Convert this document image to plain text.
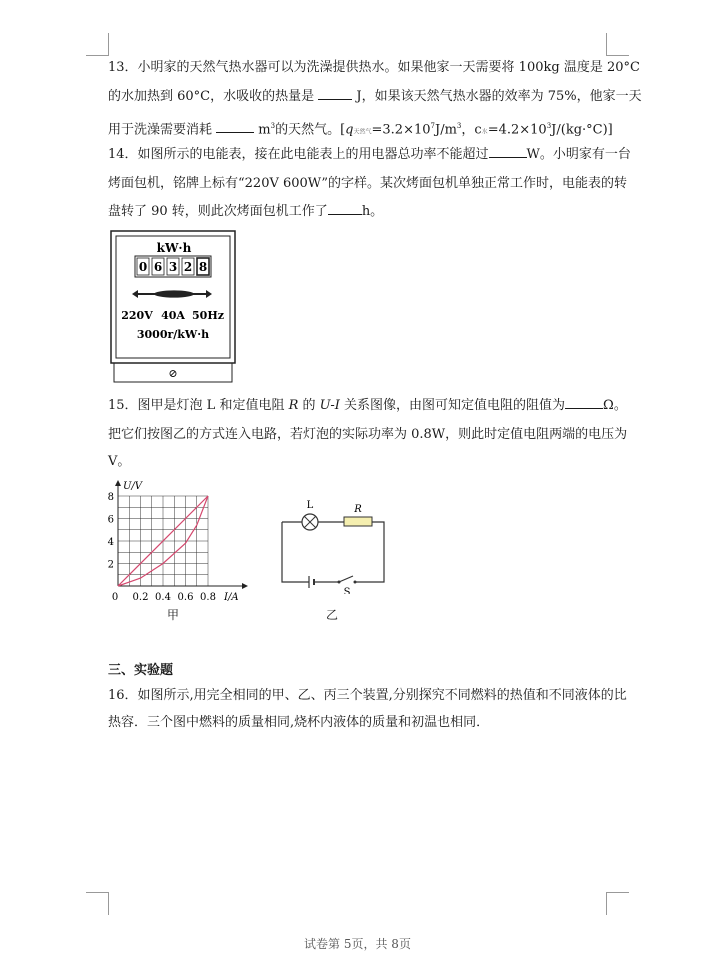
13．小明家的天然气热水器可以为洗澡提供热水。如果他家一天需要将 100kg 温度是 20°C
的水加热到 60°C，水吸收的热量是	J，如果该天然气热水器的效率为 75%，他家一天
用于洗澡需要消耗	$m^3$的天然气。[q天然气$=3.2\times 10^7J/m^3$，c水$=4.2\times 10^3J/(kg\cdot^\circ C)$]
14．如图所示的电能表，接在此电能表上的用电器总功率不能超过	W。小明家有一台
烤面包机，铭牌上标有“220V 600W”的字样。某次烤面包机单独正常工作时，电能表的转
盘转了 90 转，则此次烤面包机工作了	h。
kW·h
0 6 3 2 8
220V 40A 50Hz
3000r/kW·h
⊘
15．图甲是灯泡 L 和定值电阻 R 的 U-I 关系图像，由图可知定值电阻的阻值为	Ω。
把它们按图乙的方式连入电路，若灯泡的实际功率为 0.8W，则此时定值电阻两端的电压为
V。
0.2 0.4 0.6 0.8
2
4
6
8
U/V
I/A
0
甲
L	R
S
乙
三、实验题
16．如图所示,用完全相同的甲、乙、丙三个装置,分别探究不同燃料的热值和不同液体的比
热容．三个图中燃料的质量相同,烧杯内液体的质量和初温也相同．
试卷第 5页，共 8页
